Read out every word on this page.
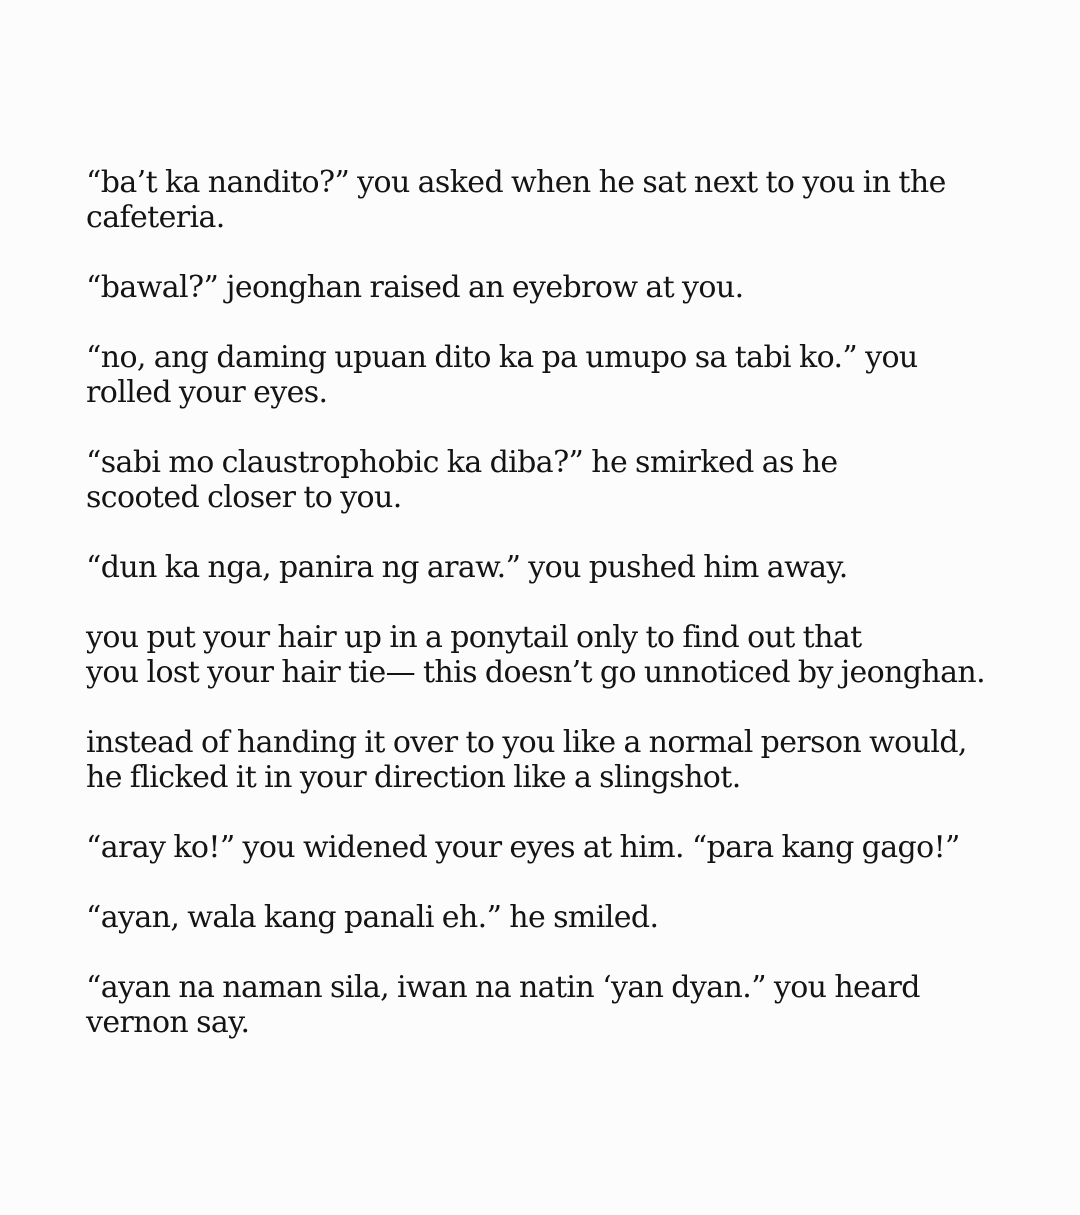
“ba’t ka nandito?” you asked when he sat next to you in the
cafeteria.

“bawal?” jeonghan raised an eyebrow at you.

“no, ang daming upuan dito ka pa umupo sa tabi ko.” you
rolled your eyes.

“sabi mo claustrophobic ka diba?” he smirked as he
scooted closer to you.

“dun ka nga, panira ng araw.” you pushed him away.

you put your hair up in a ponytail only to find out that
you lost your hair tie— this doesn’t go unnoticed by jeonghan.

instead of handing it over to you like a normal person would,
he flicked it in your direction like a slingshot.

“aray ko!” you widened your eyes at him. “para kang gago!”

“ayan, wala kang panali eh.” he smiled.

“ayan na naman sila, iwan na natin ‘yan dyan.” you heard
vernon say.
